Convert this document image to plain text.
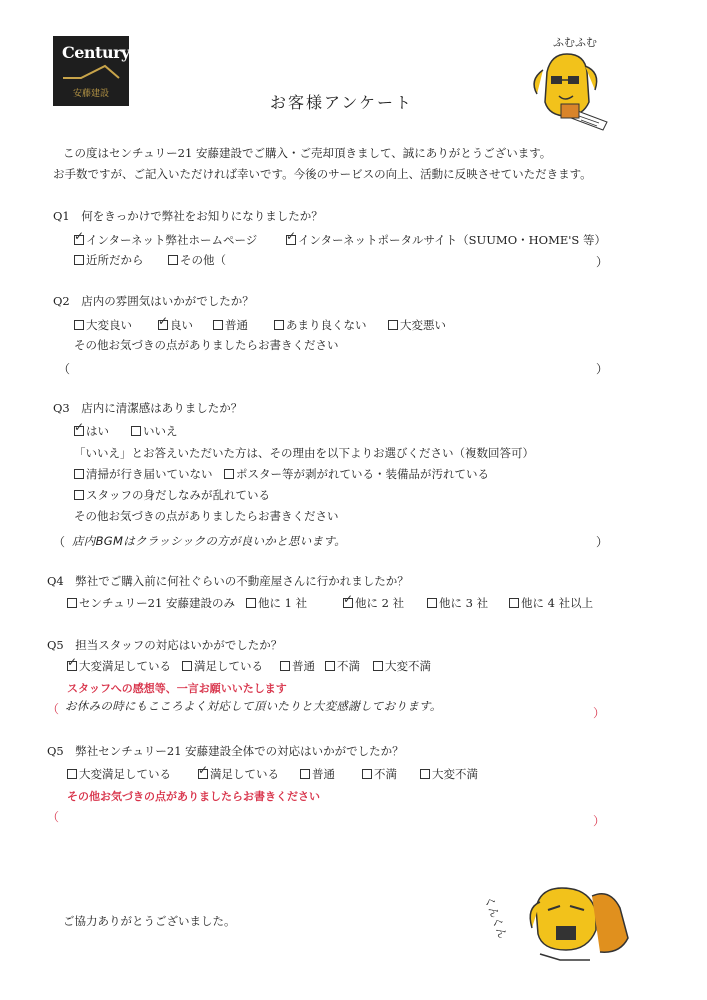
Century21
安藤建設	お客様アンケート
ふむふむ
この度はセンチュリー21 安藤建設でご購入・ご売却頂きまして、誠にありがとうございます。
お手数ですが、ご記入いただければ幸いです。今後のサービスの向上、活動に反映させていただきます。
Q1　何をきっかけで弊社をお知りになりましたか？
✓インターネット弊社ホームページ ✓	インターネットポータルサイト（SUUMO・HOME'S 等）
近所だから	その他（	）
Q2　店内の雰囲気はいかがでしたか？
大変良い ✓	良い	普通	あまり良くない	大変悪い
その他お気づきの点がありましたらお書きください
（	）
Q3　店内に清潔感はありましたか？
✓はい	いいえ
「いいえ」とお答えいただいた方は、その理由を以下よりお選びください（複数回答可）
清掃が行き届いていない	ポスター等が剥がれている・装備品が汚れている
スタッフの身だしなみが乱れている
その他お気づきの点がありましたらお書きください
（ 店内BGMはクラッシックの方が良いかと思います。	）
Q4　弊社でご購入前に何社ぐらいの不動産屋さんに行かれましたか？
センチュリー21 安藤建設のみ	他に 1 社 ✓	他に 2 社	他に 3 社	他に 4 社以上
Q5　担当スタッフの対応はいかがでしたか？
✓大変満足している	満足している	普通	不満	大変不満
スタッフへの感想等、一言お願いいたします
（ お休みの時にもこころよく対応して頂いたりと大変感謝しております。	）
Q5　弊社センチュリー21 安藤建設全体での対応はいかがでしたか？
大変満足している ✓	満足している	普通	不満	大変不満
その他お気づきの点がありましたらお書きください
（	）
ご協力ありがとうございました。	くんくん
